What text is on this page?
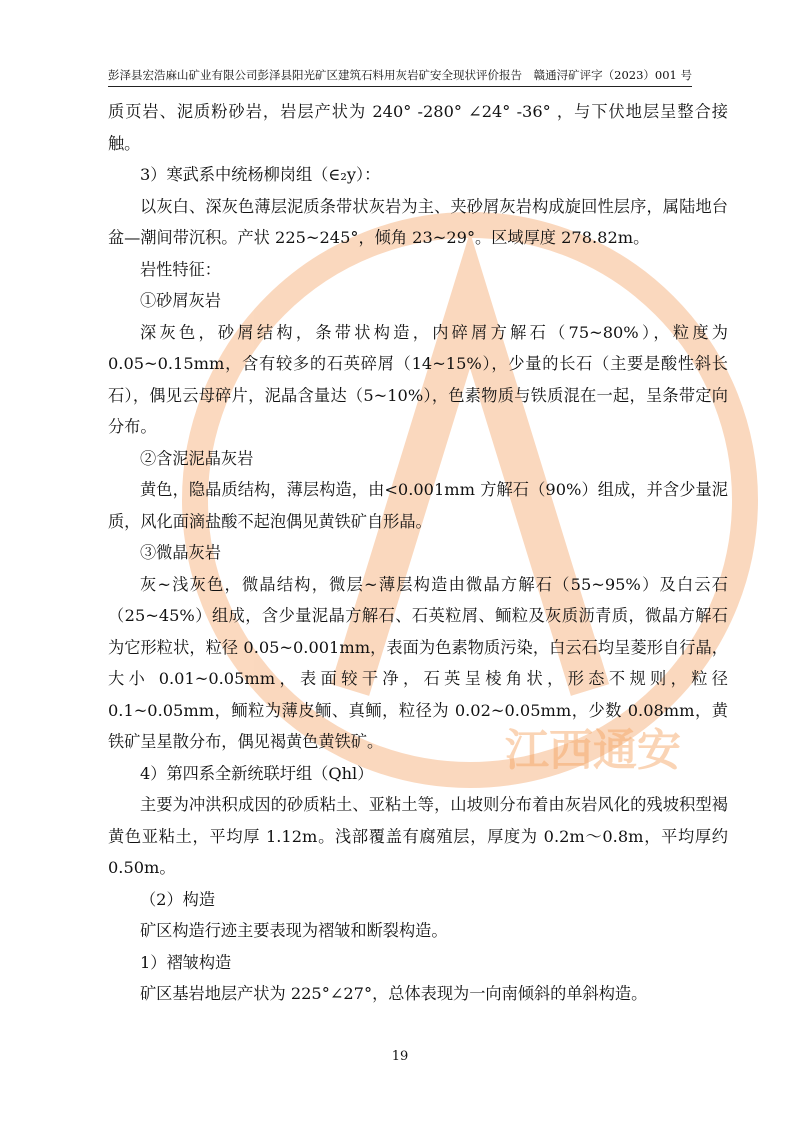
彭泽县宏浩麻山矿业有限公司彭泽县阳光矿区建筑石料用灰岩矿安全现状评价报告 赣通浔矿评字（2023）001 号
江西通安

质页岩、泥质粉砂岩，岩层产状为 240° -280° ∠24° -36° ，与下伏地层呈整合接触。

3）寒武系中统杨柳岗组（∈₂y）：

以灰白、深灰色薄层泥质条带状灰岩为主、夹砂屑灰岩构成旋回性层序，属陆地台盆—潮间带沉积。产状 225~245°，倾角 23~29°。区域厚度 278.82m。

岩性特征：

①砂屑灰岩

深灰色，砂屑结构，条带状构造，内碎屑方解石（75~80%），粒度为 0.05~0.15mm，含有较多的石英碎屑（14~15%），少量的长石（主要是酸性斜长石），偶见云母碎片，泥晶含量达（5~10%），色素物质与铁质混在一起，呈条带定向分布。

②含泥泥晶灰岩

黄色，隐晶质结构，薄层构造，由<0.001mm 方解石（90%）组成，并含少量泥质，风化面滴盐酸不起泡偶见黄铁矿自形晶。

③微晶灰岩

灰~浅灰色，微晶结构，微层~薄层构造由微晶方解石（55~95%）及白云石（25~45%）组成，含少量泥晶方解石、石英粒屑、鲕粒及灰质沥青质，微晶方解石为它形粒状，粒径 0.05~0.001mm，表面为色素物质污染，白云石均呈菱形自行晶，大小 0.01~0.05mm，表面较干净，石英呈棱角状，形态不规则，粒径 0.1~0.05mm，鲕粒为薄皮鲕、真鲕，粒径为 0.02~0.05mm，少数 0.08mm，黄铁矿呈星散分布，偶见褐黄色黄铁矿。

4）第四系全新统联圩组（Qhl）

主要为冲洪积成因的砂质粘土、亚粘土等，山坡则分布着由灰岩风化的残坡积型褐黄色亚粘土，平均厚 1.12m。浅部覆盖有腐殖层，厚度为 0.2m～0.8m，平均厚约 0.50m。

（2）构造

矿区构造行迹主要表现为褶皱和断裂构造。

1）褶皱构造

矿区基岩地层产状为 225°∠27°，总体表现为一向南倾斜的单斜构造。

19
